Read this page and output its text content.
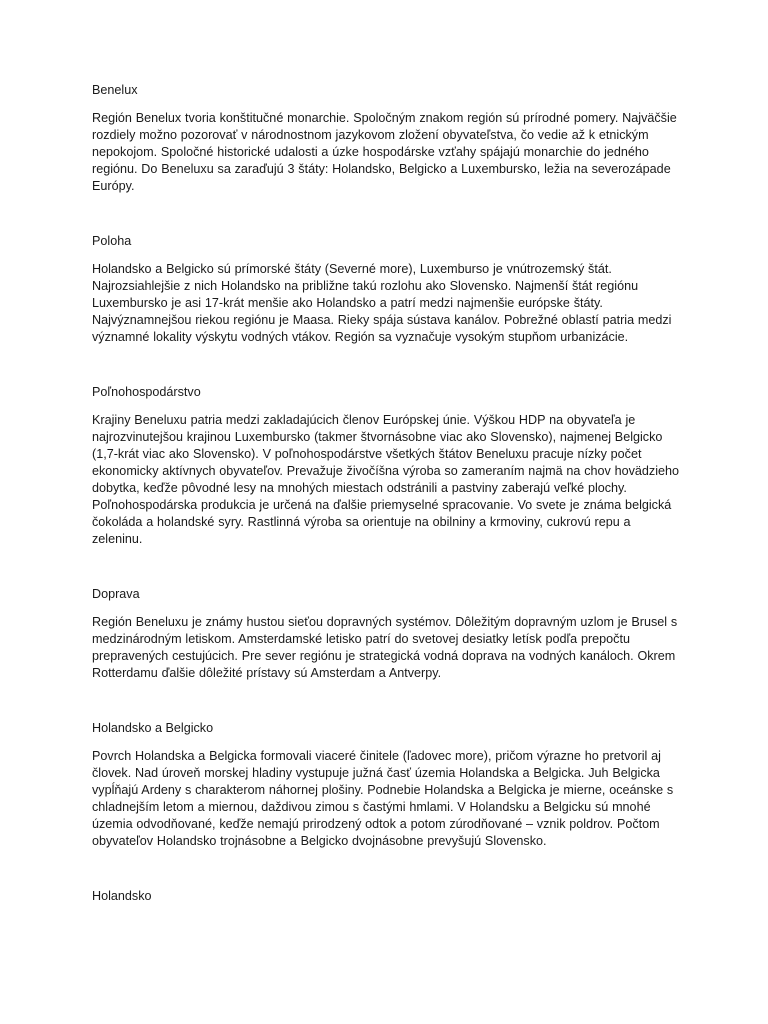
Benelux

Región Benelux tvoria konštitučné monarchie. Spoločným znakom región sú prírodné pomery. Najväčšie rozdiely možno pozorovať v národnostnom jazykovom zložení obyvateľstva, čo vedie až k etnickým nepokojom. Spoločné historické udalosti a úzke hospodárske vzťahy spájajú monarchie do jedného regiónu. Do Beneluxu sa zaraďujú 3 štáty: Holandsko, Belgicko a Luxembursko, ležia na severozápade Európy.

Poloha

Holandsko a Belgicko sú prímorské štáty (Severné more), Luxemburso je vnútrozemský štát. Najrozsiahlejšie z nich Holandsko na približne takú rozlohu ako Slovensko. Najmenší štát regiónu Luxembursko je asi 17-krát menšie ako Holandsko a patrí medzi najmenšie európske štáty. Najvýznamnejšou riekou regiónu je Maasa. Rieky spája sústava kanálov. Pobrežné oblastí patria medzi významné lokality výskytu vodných vtákov. Región sa vyznačuje vysokým stupňom urbanizácie.

Poľnohospodárstvo

Krajiny Beneluxu patria medzi zakladajúcich členov Európskej únie. Výškou HDP na obyvateľa je najrozvinutejšou krajinou Luxembursko (takmer štvornásobne viac ako Slovensko), najmenej Belgicko (1,7-krát viac ako Slovensko). V poľnohospodárstve všetkých štátov Beneluxu pracuje nízky počet ekonomicky aktívnych obyvateľov. Prevažuje živočíšna výroba so zameraním najmä na chov hovädzieho dobytka, keďže pôvodné lesy na mnohých miestach odstránili a pastviny zaberajú veľké plochy. Poľnohospodárska produkcia je určená na ďalšie priemyselné spracovanie. Vo svete je známa belgická čokoláda a holandské syry. Rastlinná výroba sa orientuje na obilniny a krmoviny, cukrovú repu a zeleninu.

Doprava

Región Beneluxu je známy hustou sieťou dopravných systémov. Dôležitým dopravným uzlom je Brusel s medzinárodným letiskom. Amsterdamské letisko patrí do svetovej desiatky letísk podľa prepočtu prepravených cestujúcich. Pre sever regiónu je strategická vodná doprava na vodných kanáloch. Okrem Rotterdamu ďalšie dôležité prístavy sú Amsterdam a Antverpy.

Holandsko a Belgicko

Povrch Holandska a Belgicka formovali viaceré činitele (ľadovec more), pričom výrazne ho pretvoril aj človek. Nad úroveň morskej hladiny vystupuje južná časť územia Holandska a Belgicka. Juh Belgicka vypĺňajú Ardeny s charakterom náhornej plošiny. Podnebie Holandska a Belgicka je mierne, oceánske s chladnejším letom a miernou, daždivou zimou s častými hmlami. V Holandsku a Belgicku sú mnohé územia odvodňované, keďže nemajú prirodzený odtok a potom zúrodňované – vznik poldrov. Počtom obyvateľov Holandsko trojnásobne a Belgicko dvojnásobne prevyšujú Slovensko.

Holandsko
